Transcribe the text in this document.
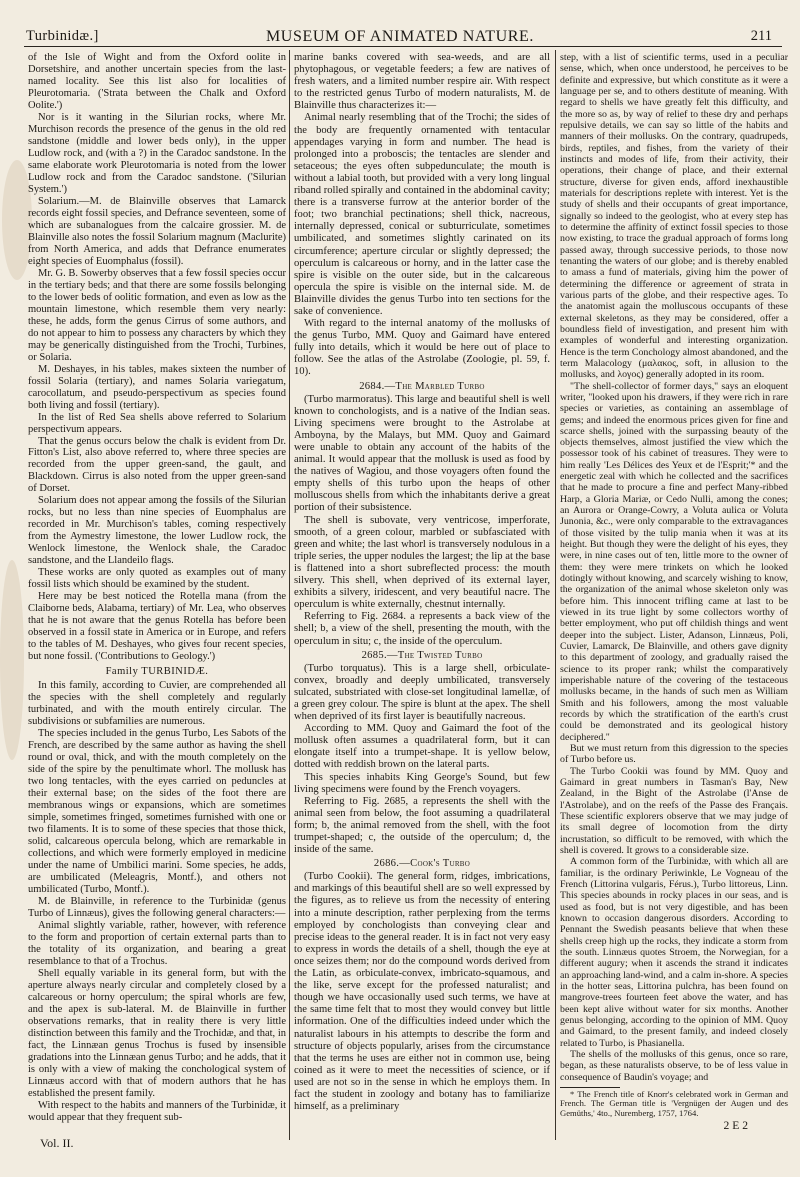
Turbinidæ.]	MUSEUM OF ANIMATED NATURE.	211

of the Isle of Wight and from the Oxford oolite in Dorsetshire, and another uncertain species from the last-named locality. See this list also for localities of Pleurotomaria. ('Strata between the Chalk and Oxford Oolite.')

Nor is it wanting in the Silurian rocks, where Mr. Murchison records the presence of the genus in the old red sandstone (middle and lower beds only), in the upper Ludlow rock, and (with a ?) in the Caradoc sandstone. In the same elaborate work Pleurotomaria is noted from the lower Ludlow rock and from the Caradoc sandstone. ('Silurian System.')

Solarium.—M. de Blainville observes that Lamarck records eight fossil species, and Defrance seventeen, some of which are subanalogues from the calcaire grossier. M. de Blainville also notes the fossil Solarium magnum (Macluritе) from North America, and adds that Defrance enumerates eight species of Euomphalus (fossil).

Mr. G. B. Sowerby observes that a few fossil species occur in the tertiary beds; and that there are some fossils belonging to the lower beds of oolitic formation, and even as low as the mountain limestone, which resemble them very nearly: these, he adds, form the genus Cirrus of some authors, and do not appear to him to possess any characters by which they may be generically distinguished from the Trochi, Turbines, or Solaria.

M. Deshayes, in his tables, makes sixteen the number of fossil Solaria (tertiary), and names Solaria variegatum, carocollatum, and pseudo-perspectivum as species found both living and fossil (tertiary).

In the list of Red Sea shells above referred to Solarium perspectivum appears.

That the genus occurs below the chalk is evident from Dr. Fitton's List, also above referred to, where three species are recorded from the upper green-sand, the gault, and Blackdown. Cirrus is also noted from the upper green-sand of Dorset.

Solarium does not appear among the fossils of the Silurian rocks, but no less than nine species of Euomphalus are recorded in Mr. Murchison's tables, coming respectively from the Aymestry limestone, the lower Ludlow rock, the Wenlock limestone, the Wenlock shale, the Caradoc sandstone, and the Llandeilo flags.

These works are only quoted as examples out of many fossil lists which should be examined by the student.

Here may be best noticed the Rotella mana (from the Claiborne beds, Alabama, tertiary) of Mr. Lea, who observes that he is not aware that the genus Rotella has before been observed in a fossil state in America or in Europe, and refers to the tables of M. Deshayes, who gives four recent species, but none fossil. ('Contributions to Geology.')

Family TURBINIDÆ.

In this family, according to Cuvier, are comprehended all the species with the shell completely and regularly turbinated, and with the mouth entirely circular. The subdivisions or subfamilies are numerous.

The species included in the genus Turbo, Les Sabots of the French, are described by the same author as having the shell round or oval, thick, and with the mouth completely on the side of the spire by the penultimate whorl. The mollusk has two long tentacles, with the eyes carried on peduncles at their external base; on the sides of the foot there are membranous wings or expansions, which are sometimes simple, sometimes fringed, sometimes furnished with one or two filaments. It is to some of these species that those thick, solid, calcareous opercula belong, which are remarkable in collections, and which were formerly employed in medicine under the name of Umbilici marini. Some species, he adds, are umbilicated (Meleagris, Montf.), and others not umbilicated (Turbo, Montf.).

M. de Blainville, in reference to the Turbinidæ (genus Turbo of Linnæus), gives the following general characters:—

Animal slightly variable, rather, however, with reference to the form and proportion of certain external parts than to the totality of its organization, and bearing a great resemblance to that of a Trochus.

Shell equally variable in its general form, but with the aperture always nearly circular and completely closed by a calcareous or horny operculum; the spiral whorls are few, and the apex is sub-lateral. M. de Blainville in further observations remarks, that in reality there is very little distinction between this family and the Trochidæ, and that, in fact, the Linnæan genus Trochus is fused by insensible gradations into the Linnæan genus Turbo; and he adds, that it is only with a view of making the conchological system of Linnæus accord with that of modern authors that he has established the present family.

With respect to the habits and manners of the Turbinidæ, it would appear that they frequent sub-

marine banks covered with sea-weeds, and are all phytophagous, or vegetable feeders; a few are natives of fresh waters, and a limited number respire air. With respect to the restricted genus Turbo of modern naturalists, M. de Blainville thus characterizes it:—

Animal nearly resembling that of the Trochi; the sides of the body are frequently ornamented with tentacular appendages varying in form and number. The head is prolonged into a proboscis; the tentacles are slender and setaceous; the eyes often subpedunculate; the mouth is without a labial tooth, but provided with a very long lingual riband rolled spirally and contained in the abdominal cavity; there is a transverse furrow at the anterior border of the foot; two branchial pectinations; shell thick, nacreous, internally depressed, conical or subturriculate, sometimes umbilicated, and sometimes slightly carinated on its circumference; aperture circular or slightly depressed; the operculum is calcareous or horny, and in the latter case the spire is visible on the outer side, but in the calcareous opercula the spire is visible on the internal side. M. de Blainville divides the genus Turbo into ten sections for the sake of convenience.

With regard to the internal anatomy of the mollusks of the genus Turbo, MM. Quoy and Gaimard have entered fully into details, which it would be here out of place to follow. See the atlas of the Astrolabe (Zoologie, pl. 59, f. 10).

2684.—The Marbled Turbo

(Turbo marmoratus). This large and beautiful shell is well known to conchologists, and is a native of the Indian seas. Living specimens were brought to the Astrolabe at Amboyna, by the Malays, but MM. Quoy and Gaimard were unable to obtain any account of the habits of the animal. It would appear that the mollusk is used as food by the natives of Wagiou, and those voyagers often found the empty shells of this turbo upon the heaps of other molluscous shells from which the inhabitants derive a great portion of their subsistence.

The shell is subovate, very ventricose, imperforate, smooth, of a green colour, marbled or subfasciated with green and white; the last whorl is transversely nodulous in a triple series, the upper nodules the largest; the lip at the base is flattened into a short subreflected process: the mouth silvery. This shell, when deprived of its external layer, exhibits a silvery, iridescent, and very beautiful nacre. The operculum is white externally, chestnut internally.

Referring to Fig. 2684. a represents a back view of the shell; b, a view of the shell, presenting the mouth, with the operculum in situ; c, the inside of the operculum.

2685.—The Twisted Turbo

(Turbo torquatus). This is a large shell, orbiculate-convex, broadly and deeply umbilicated, transversely sulcated, substriated with close-set longitudinal lamellæ, of a green grey colour. The spire is blunt at the apex. The shell when deprived of its first layer is beautifully nacreous.

According to MM. Quoy and Gaimard the foot of the mollusk often assumes a quadrilateral form, but it can elongate itself into a trumpet-shape. It is yellow below, dotted with reddish brown on the lateral parts.

This species inhabits King George's Sound, but few living specimens were found by the French voyagers.

Referring to Fig. 2685, a represents the shell with the animal seen from below, the foot assuming a quadrilateral form; b, the animal removed from the shell, with the foot trumpet-shaped; c, the outside of the operculum; d, the inside of the same.

2686.—Cook's Turbo

(Turbo Cookii). The general form, ridges, imbrications, and markings of this beautiful shell are so well expressed by the figures, as to relieve us from the necessity of entering into a minute description, rather perplexing from the terms employed by conchologists than conveying clear and precise ideas to the general reader. It is in fact not very easy to express in words the details of a shell, though the eye at once seizes them; nor do the compound words derived from the Latin, as orbiculate-convex, imbricato-squamous, and the like, serve except for the professed naturalist; and though we have occasionally used such terms, we have at the same time felt that to most they would convey but little information. One of the difficulties indeed under which the naturalist labours in his attempts to describe the form and structure of objects popularly, arises from the circumstance that the terms he uses are either not in common use, being coined as it were to meet the necessities of science, or if used are not so in the sense in which he employs them. In fact the student in zoology and botany has to familiarize himself, as a preliminary

step, with a list of scientific terms, used in a peculiar sense, which, when once understood, he perceives to be definite and expressive, but which constitute as it were a language per se, and to others destitute of meaning. With regard to shells we have greatly felt this difficulty, and the more so as, by way of relief to these dry and perhaps repulsive details, we can say so little of the habits and manners of their mollusks. On the contrary, quadrupeds, birds, reptiles, and fishes, from the variety of their instincts and modes of life, from their activity, their operations, their change of place, and their external structure, diverse for given ends, afford inexhaustible materials for descriptions replete with interest. Yet is the study of shells and their occupants of great importance, signally so indeed to the geologist, who at every step has to determine the affinity of extinct fossil species to those now existing, to trace the gradual approach of forms long passed away, through successive periods, to those now tenanting the waters of our globe; and is thereby enabled to amass a fund of materials, giving him the power of determining the difference or agreement of strata in various parts of the globe, and their respective ages. To the anatomist again the molluscous occupants of these external skeletons, as they may be considered, offer a boundless field of investigation, and present him with examples of wonderful and interesting organization. Hence is the term Conchology almost abandoned, and the term Malacology (μαλακος, soft, in allusion to the mollusks, and λογος) generally adopted in its room.

"The shell-collector of former days," says an eloquent writer, "looked upon his drawers, if they were rich in rare species or varieties, as containing an assemblage of gems; and indeed the enormous prices given for fine and scarce shells, joined with the surpassing beauty of the objects themselves, almost justified the view which the possessor took of his cabinet of treasures. They were to him really 'Les Délices des Yeux et de l'Esprit;'* and the energetic zeal with which he collected and the sacrifices that he made to procure a fine and perfect Many-ribbed Harp, a Gloria Mariæ, or Cedo Nulli, among the cones; an Aurora or Orange-Cowry, a Voluta aulica or Voluta Junonia, &c., were only comparable to the extravagances of those visited by the tulip mania when it was at its height. But though they were the delight of his eyes, they were, in nine cases out of ten, little more to the owner of them: they were mere trinkets on which he looked dotingly without knowing, and scarcely wishing to know, the organization of the animal whose skeleton only was before him. This innocent trifling came at last to be viewed in its true light by some collectors worthy of better employment, who put off childish things and went deeper into the subject. Lister, Adanson, Linnæus, Poli, Cuvier, Lamarck, De Blainville, and others gave dignity to this department of zoology, and gradually raised the science to its proper rank; whilst the comparatively imperishable nature of the covering of the testaceous mollusks became, in the hands of such men as William Smith and his followers, among the most valuable records by which the stratification of the earth's crust could be demonstrated and its geological history deciphered."

But we must return from this digression to the species of Turbo before us.

The Turbo Cookii was found by MM. Quoy and Gaimard in great numbers in Tasman's Bay, New Zealand, in the Bight of the Astrolabe (l'Anse de l'Astrolabe), and on the reefs of the Passe des Français. These scientific explorers observe that we may judge of its small degree of locomotion from the dirty incrustation, so difficult to be removed, with which the shell is covered. It grows to a considerable size.

A common form of the Turbinidæ, with which all are familiar, is the ordinary Periwinkle, Le Vogneau of the French (Littorina vulgaris, Férus.), Turbo littoreus, Linn. This species abounds in rocky places in our seas, and is used as food, but is not very digestible, and has been known to occasion dangerous disorders. According to Pennant the Swedish peasants believe that when these shells creep high up the rocks, they indicate a storm from the south. Linnæus quotes Stroem, the Norwegian, for a different augury; when it ascends the strand it indicates an approaching land-wind, and a calm in-shore. A species in the hotter seas, Littorina pulchra, has been found on mangrove-trees fourteen feet above the water, and has been kept alive without water for six months. Another genus belonging, according to the opinion of MM. Quoy and Gaimard, to the present family, and indeed closely related to Turbo, is Phasianella.

The shells of the mollusks of this genus, once so rare, began, as these naturalists observe, to be of less value in consequence of Baudin's voyage; and

* The French title of Knorr's celebrated work in German and French. The German title is 'Vergnügen der Augen und des Gemüths,' 4to., Nuremberg, 1757, 1764.

2 E 2
Vol. II.
